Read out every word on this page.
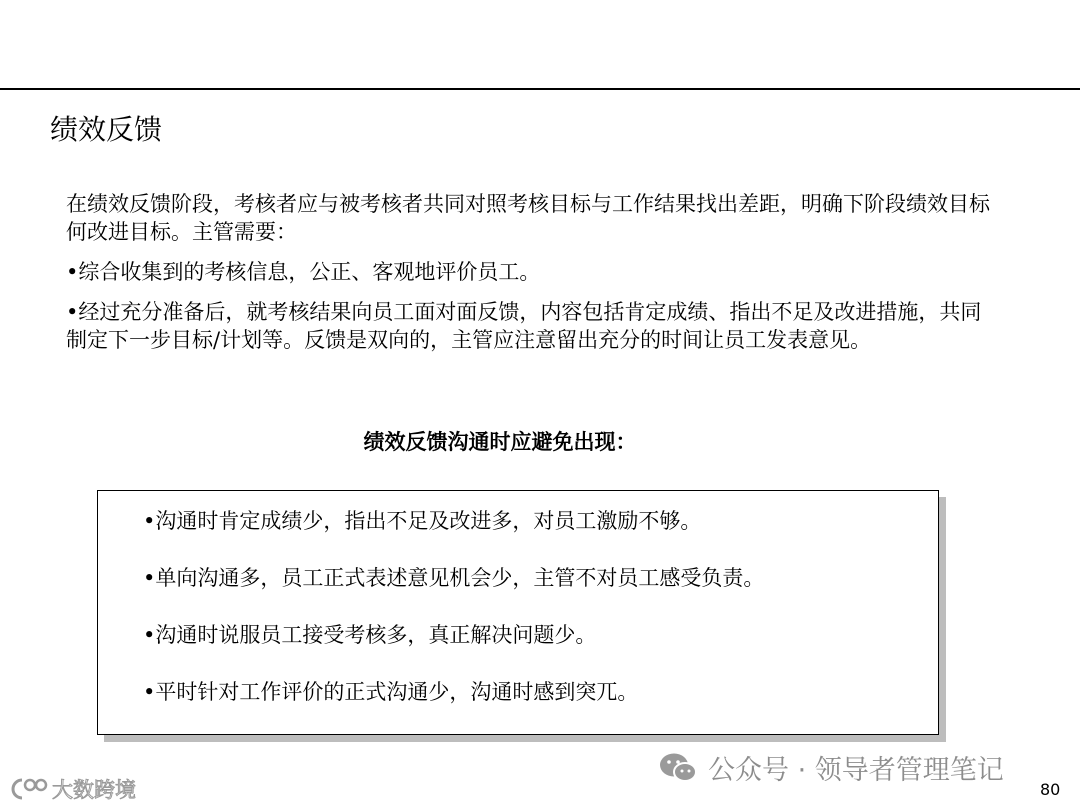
绩效反馈

在绩效反馈阶段，考核者应与被考核者共同对照考核目标与工作结果找出差距，明确下阶段绩效目标何改进目标。主管需要：

•综合收集到的考核信息，公正、客观地评价员工。

•经过充分准备后，就考核结果向员工面对面反馈，内容包括肯定成绩、指出不足及改进措施，共同制定下一步目标/计划等。反馈是双向的，主管应注意留出充分的时间让员工发表意见。

绩效反馈沟通时应避免出现：
•沟通时肯定成绩少，指出不足及改进多，对员工激励不够。
•单向沟通多，员工正式表述意见机会少，主管不对员工感受负责。
•沟通时说服员工接受考核多，真正解决问题少。
•平时针对工作评价的正式沟通少，沟通时感到突兀。
公众号 · 领导者管理笔记
大数跨境	80
